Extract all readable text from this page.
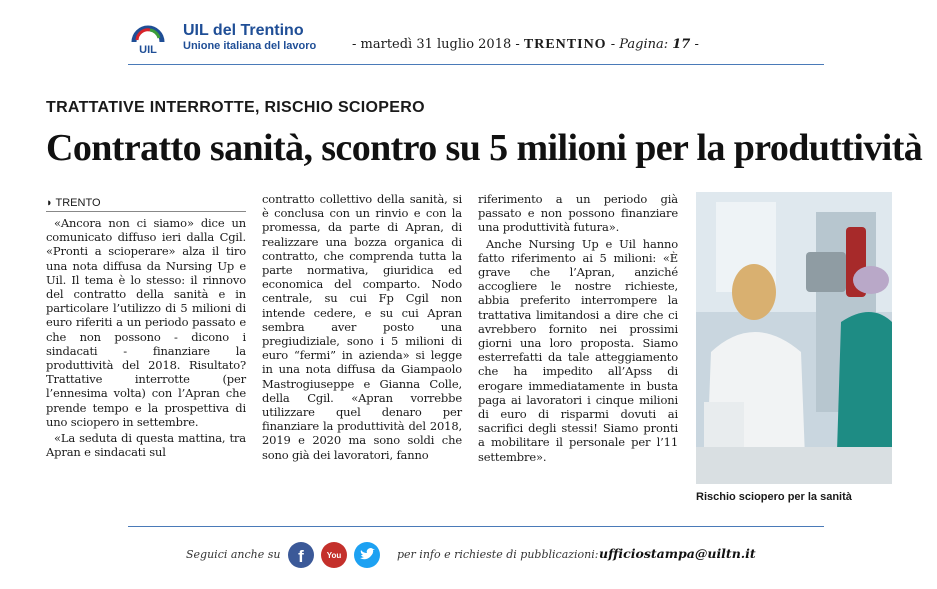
UIL
UIL del Trentino
Unione italiana del lavoro	- martedì 31 luglio 2018 - TRENTINO - Pagina: 17 -
TRATTATIVE INTERROTTE, RISCHIO SCIOPERO
Contratto sanità, scontro su 5 milioni per la produttività
◗ TRENTO

«Ancora non ci siamo» dice un comunicato diffuso ieri dalla Cgil. «Pronti a scioperare» alza il tiro una nota diffusa da Nursing Up e Uil. Il tema è lo stesso: il rinnovo del contratto della sanità e in particolare l’utilizzo di 5 milioni di euro riferiti a un periodo passato e che non possono - dicono i sindacati - finanziare la produttività del 2018. Risultato? Trattative interrotte (per l’ennesima volta) con l’Apran che prende tempo e la prospettiva di uno sciopero in settembre.

«La seduta di questa mattina, tra Apran e sindacati sul

contratto collettivo della sanità, si è conclusa con un rinvio e con la promessa, da parte di Apran, di realizzare una bozza organica di contratto, che comprenda tutta la parte normativa, giuridica ed economica del comparto. Nodo centrale, su cui Fp Cgil non intende cedere, e su cui Apran sembra aver posto una pregiudiziale, sono i 5 milioni di euro “fermi” in azienda» si legge in una nota diffusa da Giampaolo Mastrogiuseppe e Gianna Colle, della Cgil. «Apran vorrebbe utilizzare quel denaro per finanziare la produttività del 2018, 2019 e 2020 ma sono soldi che sono già dei lavoratori, fanno

riferimento a un periodo già passato e non possono finanziare una produttività futura».

Anche Nursing Up e Uil hanno fatto riferimento ai 5 milioni: «È grave che l’Apran, anziché accogliere le nostre richieste, abbia preferito interrompere la trattativa limitandosi a dire che ci avrebbero fornito nei prossimi giorni una loro proposta. Siamo esterrefatti da tale atteggiamento che ha impedito all’Apss di erogare immediatamente in busta paga ai lavoratori i cinque milioni di euro di risparmi dovuti ai sacrifici degli stessi! Siamo pronti a mobilitare il personale per l’11 settembre».

Rischio sciopero per la sanità
Seguici anche su f	You	per info e richieste di pubblicazioni: ufficiostampa@uiltn.it
